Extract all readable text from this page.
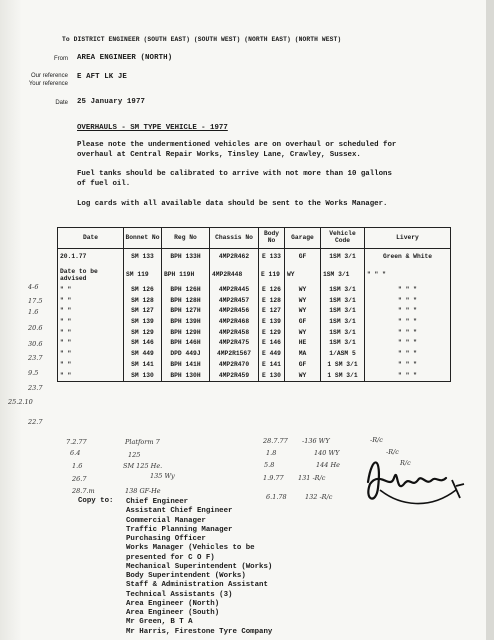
To DISTRICT ENGINEER (SOUTH EAST) (SOUTH WEST) (NORTH EAST) (NORTH WEST)
From AREA ENGINEER (NORTH)
Our reference
Your reference
E AFT LK JE
Date 25 January 1977
OVERHAULS - SM TYPE VEHICLE - 1977
Please note the undermentioned vehicles are on overhaul or scheduled for
overhaul at Central Repair Works, Tinsley Lane, Crawley, Sussex.
Fuel tanks should be calibrated to arrive with not more than 10 gallons
of fuel oil.
Log cards with all available data should be sent to the Works Manager.
Date	Bonnet No	Reg No	Chassis No	Body No	Garage	Vehicle Code	Livery
20.1.77	SM 133	BPH 133H	4MP2R462	E 133	GF	1SM 3/1	Green & White
Date to be advised	SM 119	BPH 119H	4MP2R448	E 119	WY	1SM 3/1	" " "
" "	SM 126	BPH 126H	4MP2R445	E 126	WY	1SM 3/1	" " "
" "	SM 128	BPH 128H	4MP2R457	E 128	WY	1SM 3/1	" " "
" "	SM 127	BPH 127H	4MP2R456	E 127	WY	1SM 3/1	" " "
" "	SM 139	BPH 139H	4MP2R468	E 139	GF	1SM 3/1	" " "
" "	SM 129	BPH 129H	4MP2R458	E 129	WY	1SM 3/1	" " "
" "	SM 146	BPH 146H	4MP2R475	E 146	HE	1SM 3/1	" " "
" "	SM 449	DPD 449J	4MP2R1567	E 449	MA	1/ASM 5	" " "
" "	SM 141	BPH 141H	4MP2R470	E 141	GF	1 SM 3/1	" " "
" "	SM 130	BPH 130H	4MP2R459	E 130	WY	1 SM 3/1	" " "
4-6
17.5
1.6
20.6
30.6
23.7
9.5
23.7
25.2.10
22.7
7.2.77
6.4
1.6
26.7
28.7.m
Platform 7
125
SM 125 He.
135 Wy
138 GF-He
28.7.77
1.8
5.8
1.9.77
6.1.78
-136 WY
140 WY
144 He
131 -R/c
132 -R/c
-R/c
-R/c
R/c
Copy to: Chief Engineer
Assistant Chief Engineer
Commercial Manager
Traffic Planning Manager
Purchasing Officer
Works Manager (Vehicles to be
presented for C O F)
Mechanical Superintendent (Works)
Body Superintendent (Works)
Staff & Administration Assistant
Technical Assistants (3)
Area Engineer (North)
Area Engineer (South)
Mr Green, B T A
Mr Harris, Firestone Tyre Company
